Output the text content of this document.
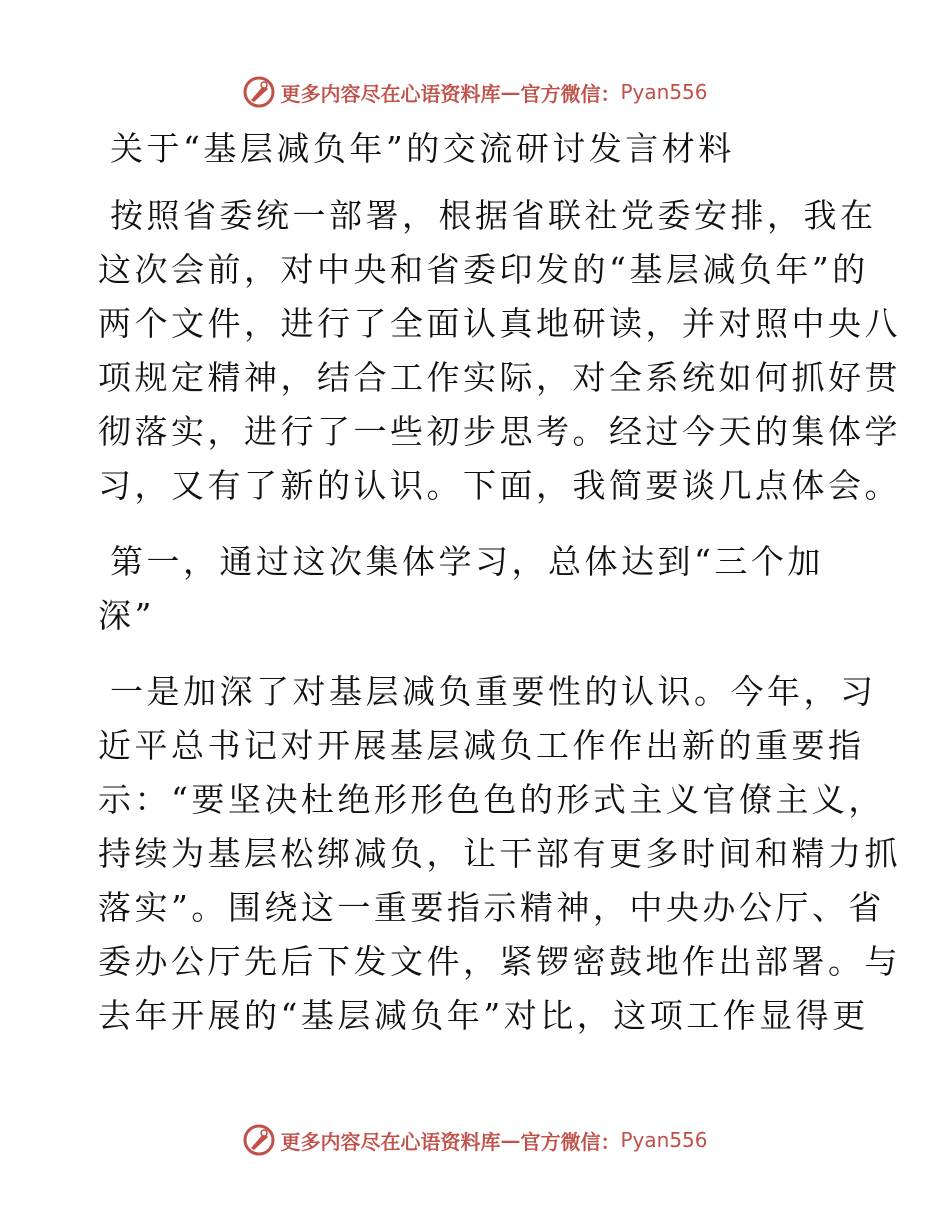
更多内容尽在心语资料库 — 官方微信： Pyan556
关于“基层减负年”的交流研讨发言材料
按照省委统一部署，根据省联社党委安排，我在
这次会前，对中央和省委印发的“基层减负年”的
两个文件，进行了全面认真地研读，并对照中央八
项规定精神，结合工作实际，对全系统如何抓好贯
彻落实，进行了一些初步思考。经过今天的集体学
习，又有了新的认识。下面，我简要谈几点体会。
第一，通过这次集体学习，总体达到“三个加
深”
一是加深了对基层减负重要性的认识。今年，习
近平总书记对开展基层减负工作作出新的重要指
示：“要坚决杜绝形形色色的形式主义官僚主义，
持续为基层松绑减负，让干部有更多时间和精力抓
落实”。围绕这一重要指示精神，中央办公厅、省
委办公厅先后下发文件，紧锣密鼓地作出部署。与
去年开展的“基层减负年”对比，这项工作显得更
更多内容尽在心语资料库 — 官方微信： Pyan556
